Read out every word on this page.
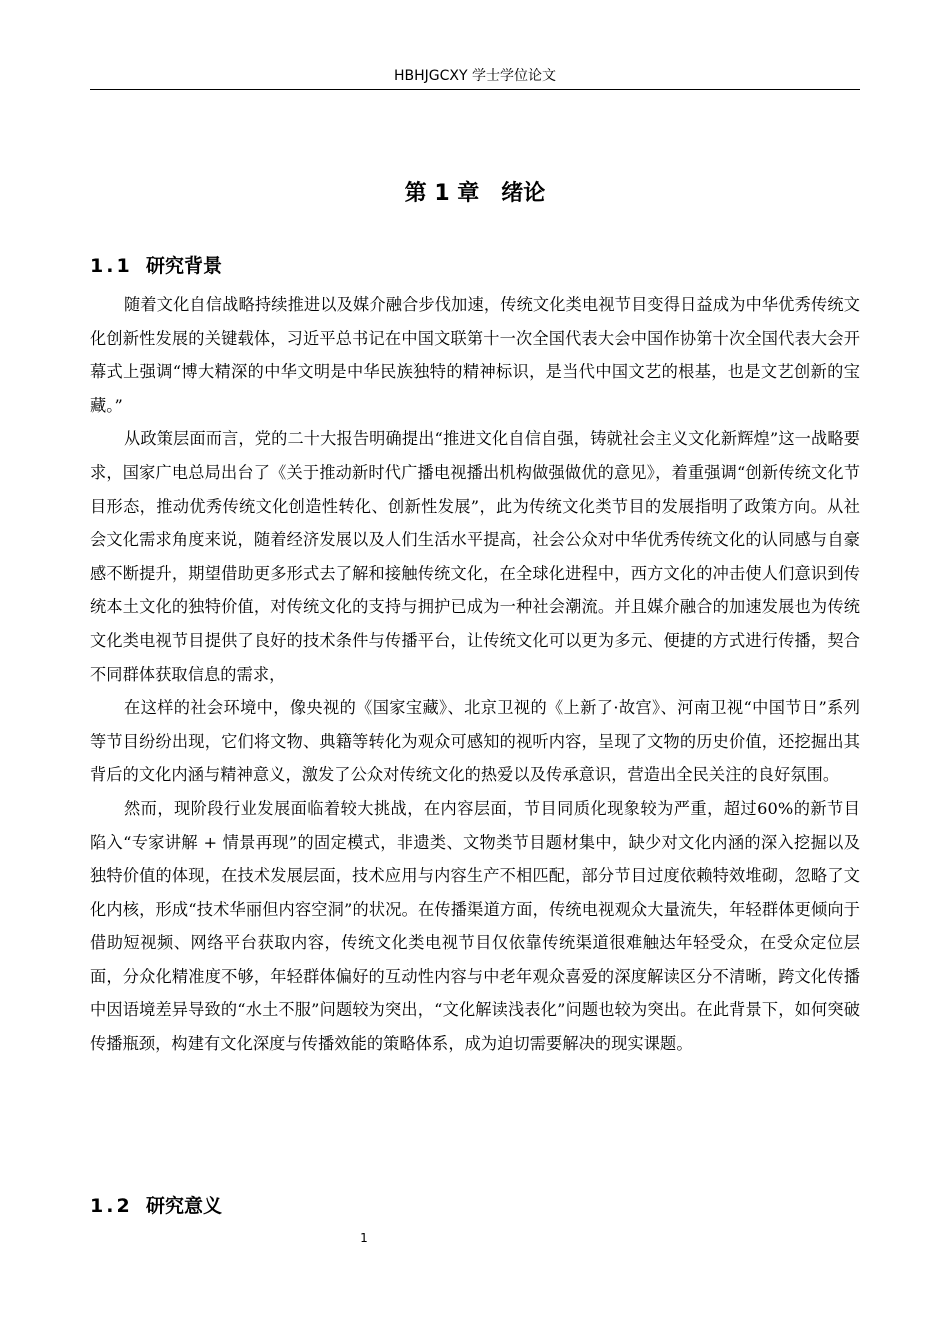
HBHJGCXY 学士学位论文
第 1 章　绪论
1.1 研究背景

随着文化自信战略持续推进以及媒介融合步伐加速，传统文化类电视节目变得日益成为中华优秀传统文化创新性发展的关键载体，习近平总书记在中国文联第十一次全国代表大会中国作协第十次全国代表大会开幕式上强调“博大精深的中华文明是中华民族独特的精神标识，是当代中国文艺的根基，也是文艺创新的宝藏。”

从政策层面而言，党的二十大报告明确提出“推进文化自信自强，铸就社会主义文化新辉煌”这一战略要求，国家广电总局出台了《关于推动新时代广播电视播出机构做强做优的意见》，着重强调“创新传统文化节目形态，推动优秀传统文化创造性转化、创新性发展”，此为传统文化类节目的发展指明了政策方向。从社会文化需求角度来说，随着经济发展以及人们生活水平提高，社会公众对中华优秀传统文化的认同感与自豪感不断提升，期望借助更多形式去了解和接触传统文化，在全球化进程中，西方文化的冲击使人们意识到传统本土文化的独特价值，对传统文化的支持与拥护已成为一种社会潮流。并且媒介融合的加速发展也为传统文化类电视节目提供了良好的技术条件与传播平台，让传统文化可以更为多元、便捷的方式进行传播，契合不同群体获取信息的需求，

在这样的社会环境中，像央视的《国家宝藏》、北京卫视的《上新了·故宫》、河南卫视“中国节日”系列等节目纷纷出现，它们将文物、典籍等转化为观众可感知的视听内容，呈现了文物的历史价值，还挖掘出其背后的文化内涵与精神意义，激发了公众对传统文化的热爱以及传承意识，营造出全民关注的良好氛围。

然而，现阶段行业发展面临着较大挑战，在内容层面，节目同质化现象较为严重，超过60%的新节目陷入“专家讲解 + 情景再现”的固定模式，非遗类、文物类节目题材集中，缺少对文化内涵的深入挖掘以及独特价值的体现，在技术发展层面，技术应用与内容生产不相匹配，部分节目过度依赖特效堆砌，忽略了文化内核，形成“技术华丽但内容空洞”的状况。在传播渠道方面，传统电视观众大量流失，年轻群体更倾向于借助短视频、网络平台获取内容，传统文化类电视节目仅依靠传统渠道很难触达年轻受众，在受众定位层面，分众化精准度不够，年轻群体偏好的互动性内容与中老年观众喜爱的深度解读区分不清晰，跨文化传播中因语境差异导致的“水土不服”问题较为突出，“文化解读浅表化”问题也较为突出。在此背景下，如何突破传播瓶颈，构建有文化深度与传播效能的策略体系，成为迫切需要解决的现实课题。

1.2 研究意义
1
